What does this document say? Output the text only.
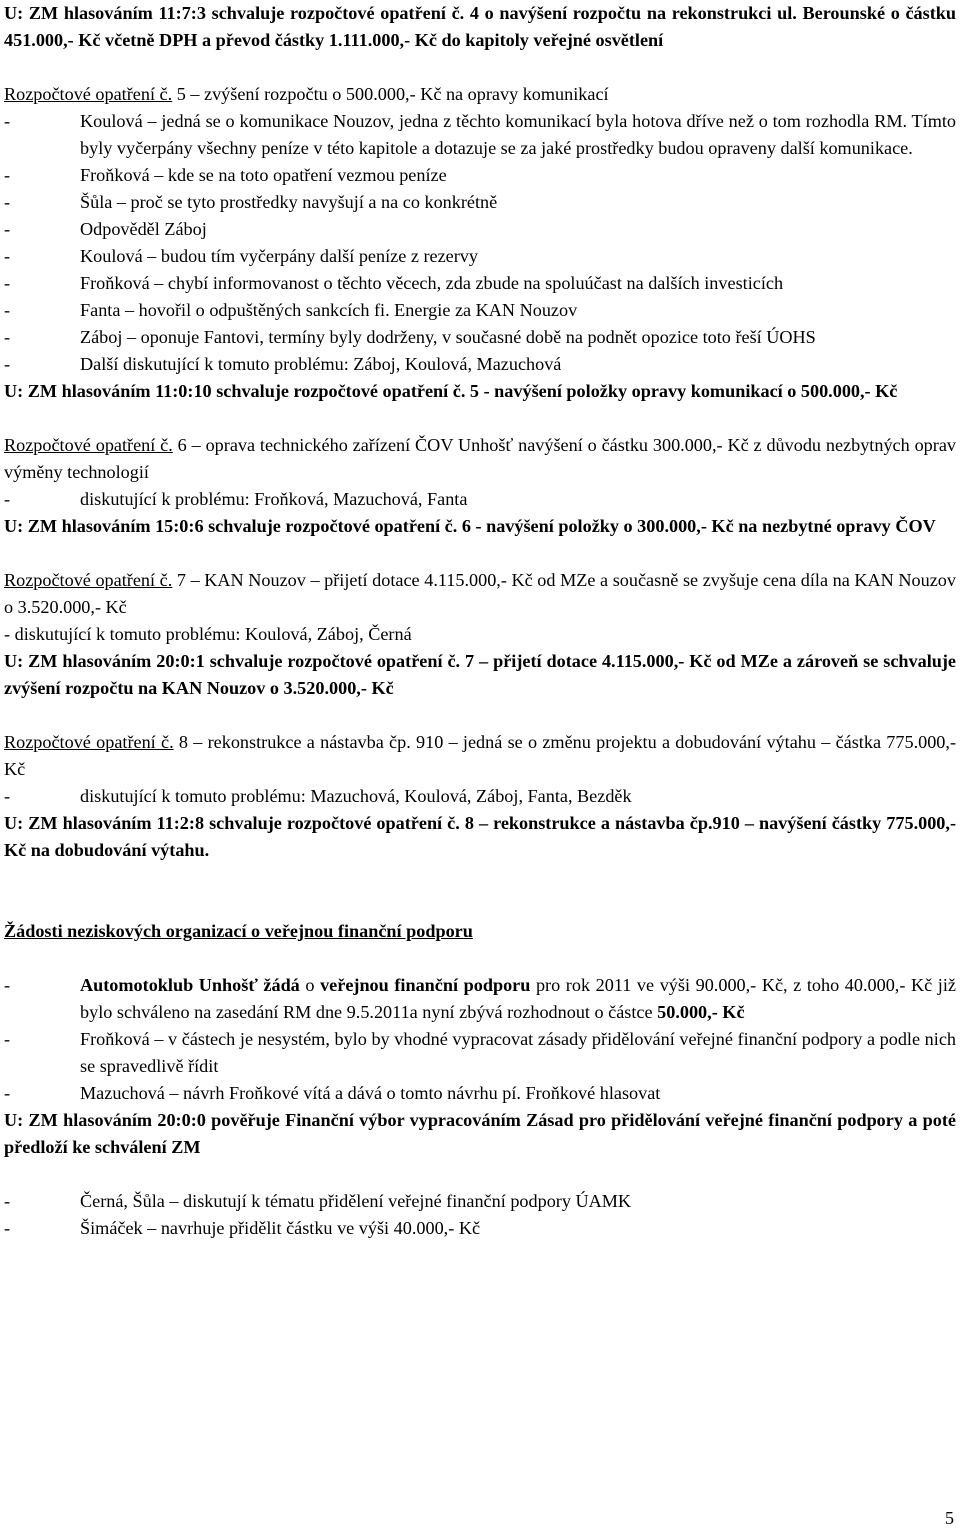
U: ZM hlasováním 11:7:3 schvaluje rozpočtové opatření č. 4 o navýšení rozpočtu na rekonstrukci ul. Berounské o částku 451.000,- Kč včetně DPH a převod částky 1.111.000,- Kč do kapitoly veřejné osvětlení

Rozpočtové opatření č. 5 – zvýšení rozpočtu o 500.000,- Kč na opravy komunikací

-	Koulová – jedná se o komunikace Nouzov, jedna z těchto komunikací byla hotova dříve než o tom rozhodla RM. Tímto byly vyčerpány všechny peníze v této kapitole a dotazuje se za jaké prostředky budou opraveny další komunikace.
-	Froňková – kde se na toto opatření vezmou peníze
-	Šůla – proč se tyto prostředky navyšují a na co konkrétně
-	Odpověděl Záboj
-	Koulová – budou tím vyčerpány další peníze z rezervy
-	Froňková – chybí informovanost o těchto věcech, zda zbude na spoluúčast na dalších investicích
-	Fanta – hovořil o odpuštěných sankcích fi. Energie za KAN Nouzov
-	Záboj – oponuje Fantovi, termíny byly dodrženy, v současné době na podnět opozice toto řeší ÚOHS
-	Další diskutující k tomuto problému: Záboj, Koulová, Mazuchová

U: ZM hlasováním 11:0:10 schvaluje rozpočtové opatření č. 5 - navýšení položky opravy komunikací o 500.000,- Kč

Rozpočtové opatření č. 6 – oprava technického zařízení ČOV Unhošť navýšení o částku 300.000,- Kč z důvodu nezbytných oprav výměny technologií

-	diskutující k problému: Froňková, Mazuchová, Fanta

U: ZM hlasováním 15:0:6 schvaluje rozpočtové opatření č. 6 - navýšení položky o 300.000,- Kč na nezbytné opravy ČOV

Rozpočtové opatření č. 7 – KAN Nouzov – přijetí dotace 4.115.000,- Kč od MZe a současně se zvyšuje cena díla na KAN Nouzov o 3.520.000,- Kč

- diskutující k tomuto problému: Koulová, Záboj, Černá

U: ZM hlasováním 20:0:1 schvaluje rozpočtové opatření č. 7 – přijetí dotace 4.115.000,- Kč od MZe a zároveň se schvaluje zvýšení rozpočtu na KAN Nouzov o 3.520.000,- Kč

Rozpočtové opatření č. 8 – rekonstrukce a nástavba čp. 910 – jedná se o změnu projektu a dobudování výtahu – částka 775.000,- Kč

-	diskutující k tomuto problému: Mazuchová, Koulová, Záboj, Fanta, Bezděk

U: ZM hlasováním 11:2:8 schvaluje rozpočtové opatření č. 8 – rekonstrukce a nástavba čp.910 – navýšení částky 775.000,- Kč na dobudování výtahu.

Žádosti neziskových organizací o veřejnou finanční podporu

-	Automotoklub Unhošť žádá o veřejnou finanční podporu pro rok 2011 ve výši 90.000,- Kč, z toho 40.000,- Kč již bylo schváleno na zasedání RM dne 9.5.2011a nyní zbývá rozhodnout o částce 50.000,- Kč
-	Froňková – v částech je nesystém, bylo by vhodné vypracovat zásady přidělování veřejné finanční podpory a podle nich se spravedlivě řídit
-	Mazuchová – návrh Froňkové vítá a dává o tomto návrhu pí. Froňkové hlasovat

U: ZM hlasováním 20:0:0 pověřuje Finanční výbor vypracováním Zásad pro přidělování veřejné finanční podpory a poté předloží ke schválení ZM

-	Černá, Šůla – diskutují k tématu přidělení veřejné finanční podpory ÚAMK
-	Šimáček – navrhuje přidělit částku ve výši 40.000,- Kč
5
